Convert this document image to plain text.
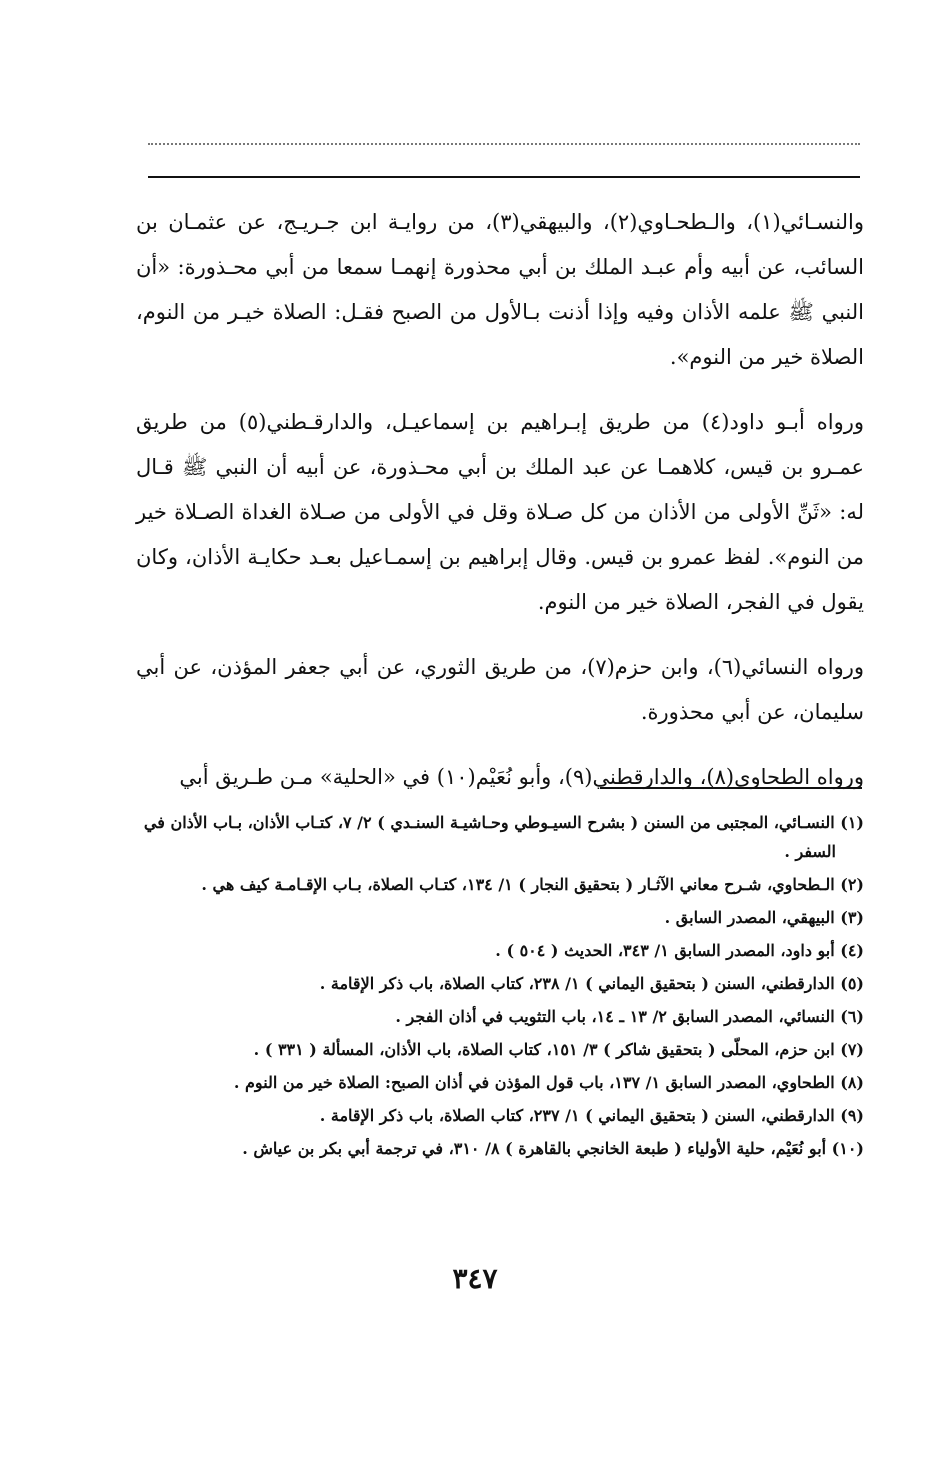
والنسـائي(١)، والـطحـاوي(٢)، والبيهقي(٣)، من روايـة ابن جـريـج، عن عثمـان بن السائب، عن أبيه وأم عبـد الملك بن أبي محذورة إنهمـا سمعا من أبي محـذورة: «أن النبي ﷺ علمه الأذان وفيه وإذا أذنت بـالأول من الصبح فقـل: الصلاة خيـر من النوم، الصلاة خير من النوم».

ورواه أبـو داود(٤) من طريق إبـراهيم بن إسماعيـل، والدارقـطني(٥) من طريق عمـرو بن قيس، كلاهمـا عن عبد الملك بن أبي محـذورة، عن أبيه أن النبي ﷺ قـال له: «ثَنِّ الأولى من الأذان من كل صـلاة وقل في الأولى من صـلاة الغداة الصـلاة خير من النوم». لفظ عمرو بن قيس. وقال إبراهيم بن إسمـاعيل بعـد حكايـة الأذان، وكان يقول في الفجر، الصلاة خير من النوم.

ورواه النسائي(٦)، وابن حزم(٧)، من طريق الثوري، عن أبي جعفر المؤذن، عن أبي سليمان، عن أبي محذورة.

ورواه الطحاوي(٨)، والدارقطني(٩)، وأبو نُعَيْم(١٠) في «الحلية» مـن طـريق أبي

(١) النسـائي، المجتبى من السنن ( بشرح السيـوطي وحـاشيـة السنـدي ) ٢/ ٧، كتـاب الأذان، بـاب الأذان في السفر .

(٢) الـطحاوي، شـرح معاني الآثـار ( بتحقيق النجار ) ١/ ١٣٤، كتـاب الصلاة، بـاب الإقـامـة كيف هي .

(٣) البيهقي، المصدر السابق .

(٤) أبو داود، المصدر السابق ١/ ٣٤٣، الحديث ( ٥٠٤ ) .

(٥) الدارقطني، السنن ( بتحقيق اليماني ) ١/ ٢٣٨، كتاب الصلاة، باب ذكر الإقامة .

(٦) النسائي، المصدر السابق ٢/ ١٣ ـ ١٤، باب التثويب في أذان الفجر .

(٧) ابن حزم، المحلّى ( بتحقيق شاكر ) ٣/ ١٥١، كتاب الصلاة، باب الأذان، المسألة ( ٣٣١ ) .

(٨) الطحاوي، المصدر السابق ١/ ١٣٧، باب قول المؤذن في أذان الصبح: الصلاة خير من النوم .

(٩) الدارقطني، السنن ( بتحقيق اليماني ) ١/ ٢٣٧، كتاب الصلاة، باب ذكر الإقامة .

(١٠) أبو نُعَيْم، حلية الأولياء ( طبعة الخانجي بالقاهرة ) ٨/ ٣١٠، في ترجمة أبي بكر بن عياش .

٣٤٧
